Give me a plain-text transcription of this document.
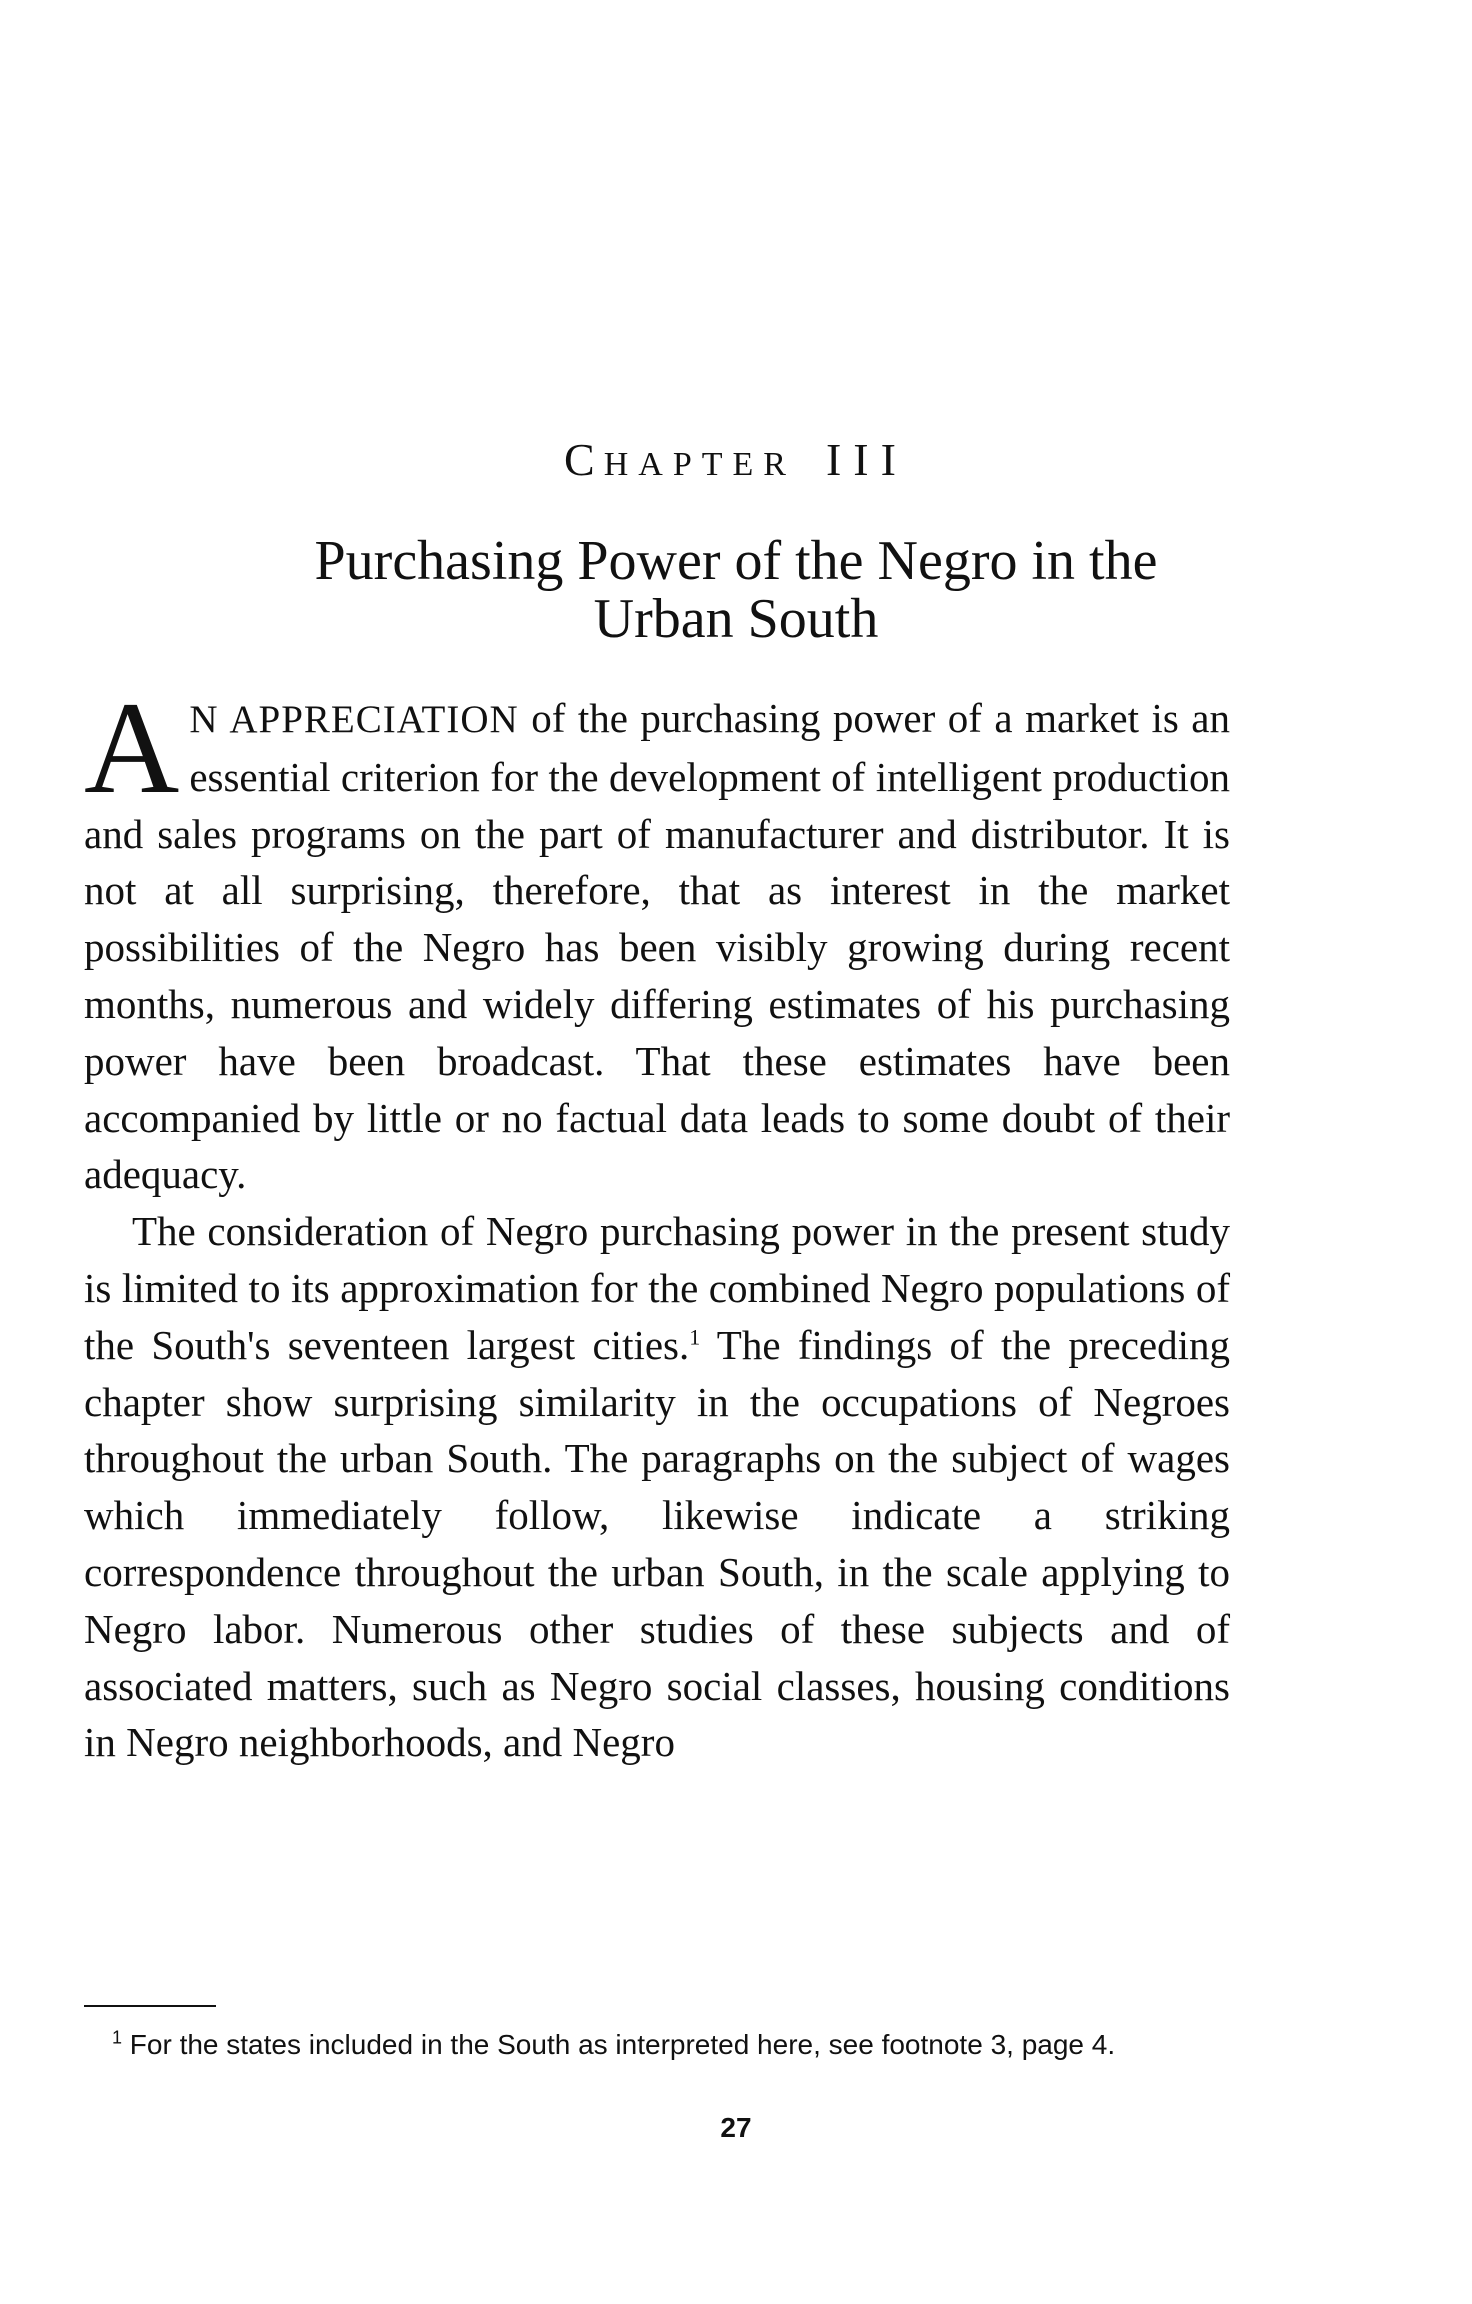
CHAPTER III
Purchasing Power of the Negro in the
Urban South

A N APPRECIATION of the purchasing power of a market is an essential criterion for the development of intelligent production and sales programs on the part of manufacturer and distributor. It is not at all surprising, therefore, that as interest in the market possibilities of the Negro has been visibly growing during recent months, numerous and widely differing estimates of his purchasing power have been broadcast. That these estimates have been accompanied by little or no factual data leads to some doubt of their adequacy.

The consideration of Negro purchasing power in the present study is limited to its approximation for the combined Negro populations of the South's seventeen largest cities.$^1$ The findings of the preceding chapter show surprising similarity in the occupations of Negroes throughout the urban South. The paragraphs on the subject of wages which immediately follow, likewise indicate a striking correspondence throughout the urban South, in the scale applying to Negro labor. Numerous other studies of these subjects and of associated matters, such as Negro social classes, housing conditions in Negro neighborhoods, and Negro

$^1$ For the states included in the South as interpreted here, see footnote 3, page 4.
27
